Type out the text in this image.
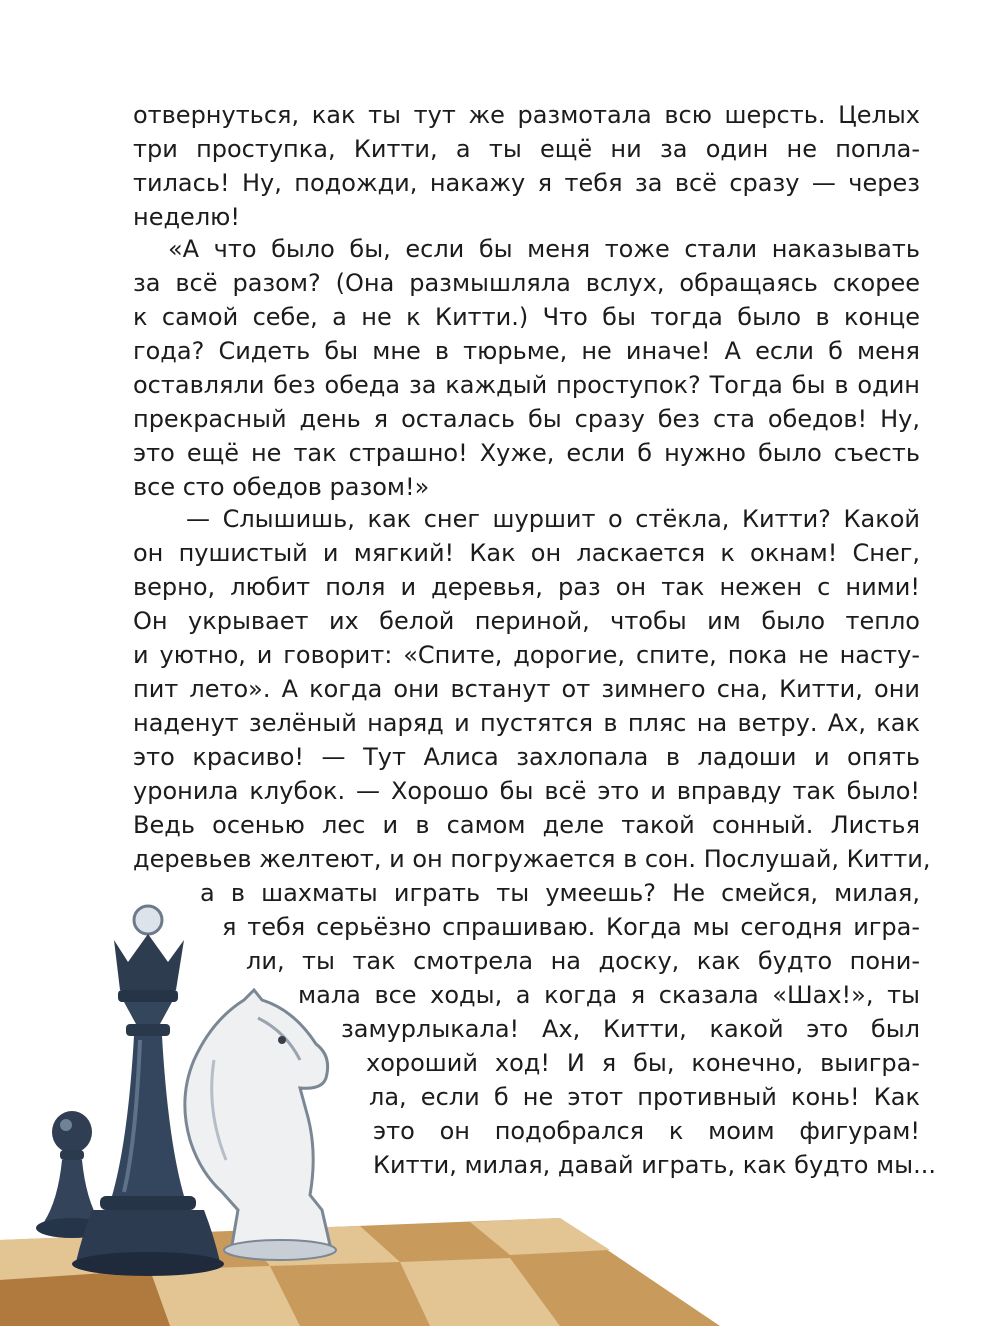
отвернуться, как ты тут же размотала всю шерсть. Целых
три проступка, Китти, а ты ещё ни за один не попла-
тилась! Ну, подожди, накажу я тебя за всё сразу — через
неделю!
«А что было бы, если бы меня тоже стали наказывать
за всё разом? (Она размышляла вслух, обращаясь скорее
к самой себе, а не к Китти.) Что бы тогда было в конце
года? Сидеть бы мне в тюрьме, не иначе! А если б меня
оставляли без обеда за каждый проступок? Тогда бы в один
прекрасный день я осталась бы сразу без ста обедов! Ну,
это ещё не так страшно! Хуже, если б нужно было съесть
все сто обедов разом!»
— Слышишь, как снег шуршит о стёкла, Китти? Какой
он пушистый и мягкий! Как он ласкается к окнам! Снег,
верно, любит поля и деревья, раз он так нежен с ними!
Он укрывает их белой периной, чтобы им было тепло
и уютно, и говорит: «Спите, дорогие, спите, пока не насту-
пит лето». А когда они встанут от зимнего сна, Китти, они
наденут зелёный наряд и пустятся в пляс на ветру. Ах, как
это красиво! — Тут Алиса захлопала в ладоши и опять
уронила клубок. — Хорошо бы всё это и вправду так было!
Ведь осенью лес и в самом деле такой сонный. Листья
деревьев желтеют, и он погружается в сон. Послушай, Китти,
а в шахматы играть ты умеешь? Не смейся, милая,
я тебя серьёзно спрашиваю. Когда мы сегодня игра-
ли, ты так смотрела на доску, как будто пони-
мала все ходы, а когда я сказала «Шах!», ты
замурлыкала! Ах, Китти, какой это был
хороший ход! И я бы, конечно, выигра-
ла, если б не этот противный конь! Как
это он подобрался к моим фигурам!
Китти, милая, давай играть, как будто мы...
